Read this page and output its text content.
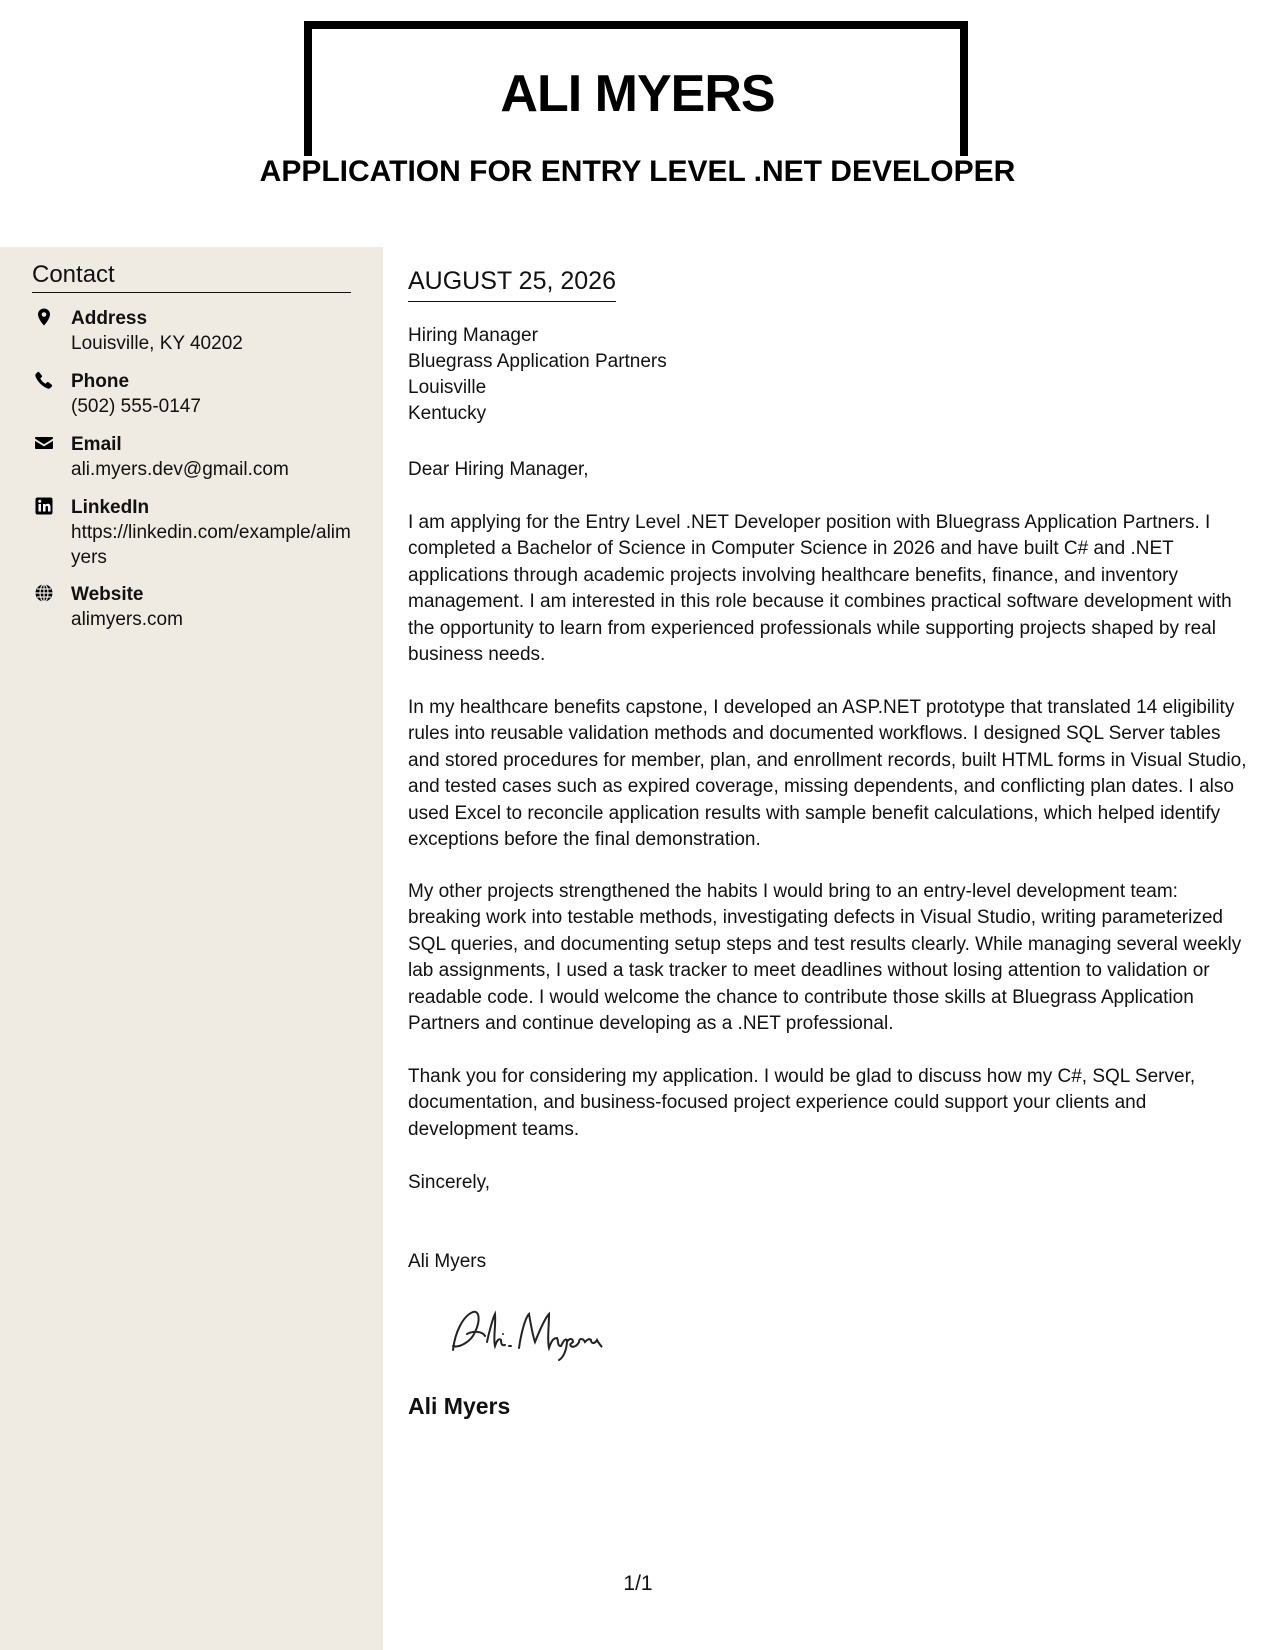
ALI MYERS
APPLICATION FOR ENTRY LEVEL .NET DEVELOPER
Contact
Address
Louisville, KY 40202
Phone
(502) 555-0147
Email
ali.myers.dev@gmail.com
LinkedIn
https://linkedin.com/example/alimyers
Website
alimyers.com
AUGUST 25, 2026
Hiring Manager
Bluegrass Application Partners
Louisville
Kentucky
Dear Hiring Manager,

I am applying for the Entry Level .NET Developer position with Bluegrass Application Partners. I completed a Bachelor of Science in Computer Science in 2026 and have built C# and .NET applications through academic projects involving healthcare benefits, finance, and inventory management. I am interested in this role because it combines practical software development with the opportunity to learn from experienced professionals while supporting projects shaped by real business needs.

In my healthcare benefits capstone, I developed an ASP.NET prototype that translated 14 eligibility rules into reusable validation methods and documented workflows. I designed SQL Server tables and stored procedures for member, plan, and enrollment records, built HTML forms in Visual Studio, and tested cases such as expired coverage, missing dependents, and conflicting plan dates. I also used Excel to reconcile application results with sample benefit calculations, which helped identify exceptions before the final demonstration.

My other projects strengthened the habits I would bring to an entry-level development team: breaking work into testable methods, investigating defects in Visual Studio, writing parameterized SQL queries, and documenting setup steps and test results clearly. While managing several weekly lab assignments, I used a task tracker to meet deadlines without losing attention to validation or readable code. I would welcome the chance to contribute those skills at Bluegrass Application Partners and continue developing as a .NET professional.

Thank you for considering my application. I would be glad to discuss how my C#, SQL Server, documentation, and business-focused project experience could support your clients and development teams.

Sincerely,
Ali Myers
Ali Myers
1/1
